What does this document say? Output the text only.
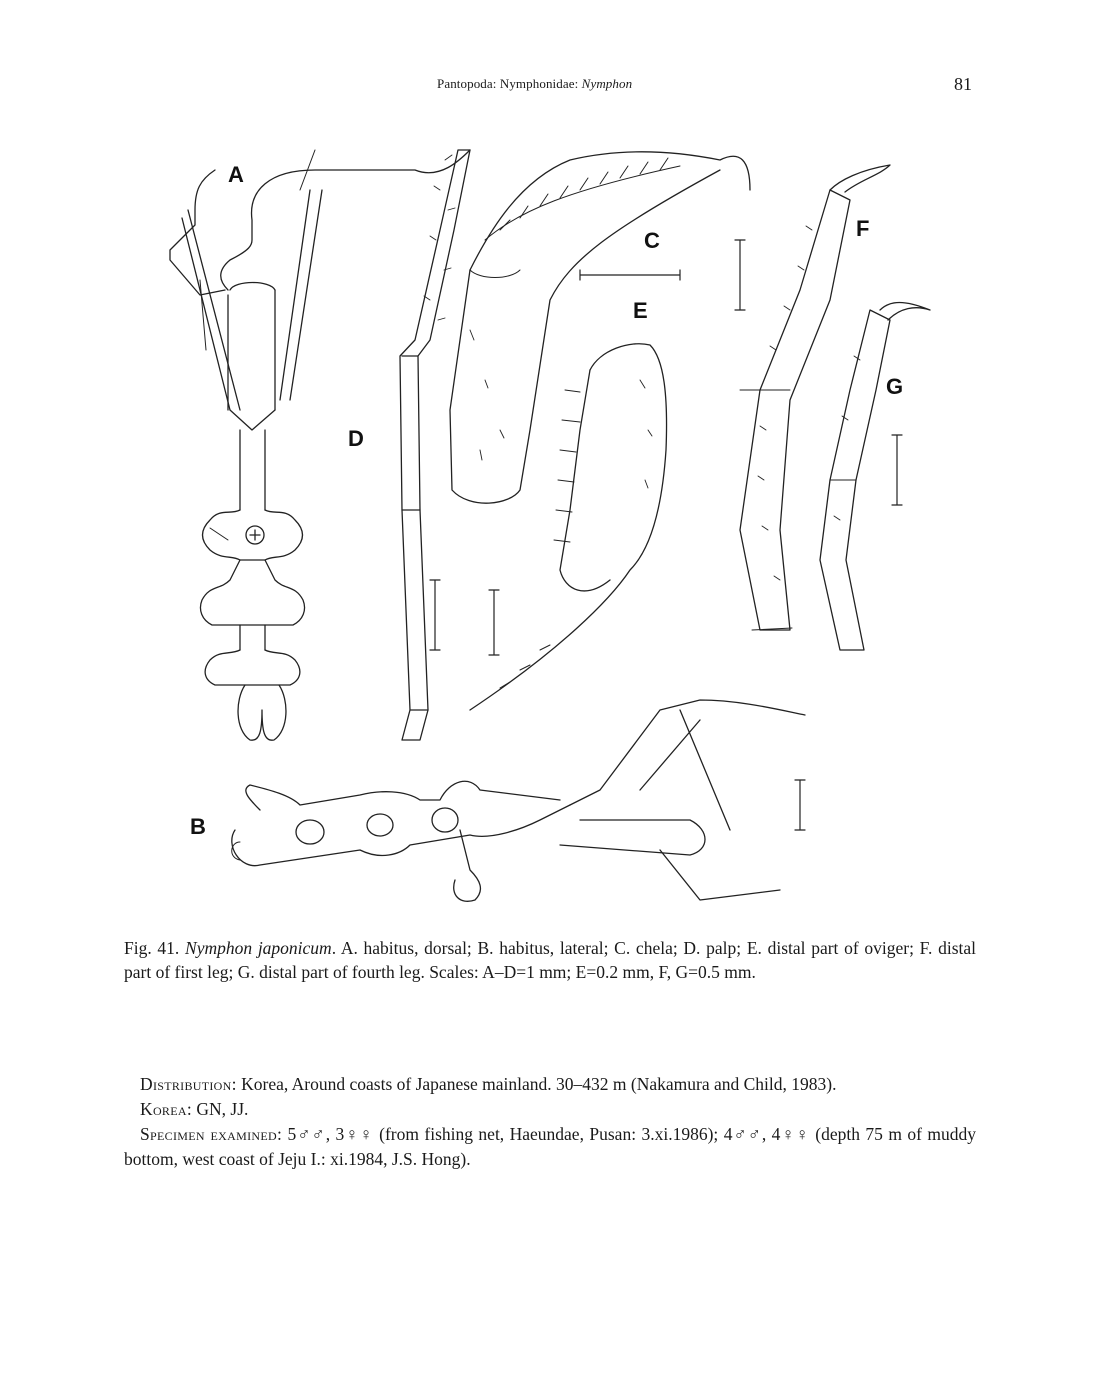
Pantopoda: Nymphonidae: Nymphon	81
A
B
C
D
E
F
G
Fig. 41. Nymphon japonicum. A. habitus, dorsal; B. habitus, lateral; C. chela; D. palp; E. distal part of oviger; F. distal part of first leg; G. distal part of fourth leg. Scales: A–D=1 mm; E=0.2 mm, F, G=0.5 mm.

Distribution : Korea, Around coasts of Japanese mainland. 30–432 m (Nakamura and Child, 1983).

Korea : GN, JJ.

Specimen examined : 5♂♂, 3♀♀ (from fishing net, Haeundae, Pusan: 3.xi.1986); 4♂♂, 4♀♀ (depth 75 m of muddy bottom, west coast of Jeju I.: xi.1984, J.S. Hong).
